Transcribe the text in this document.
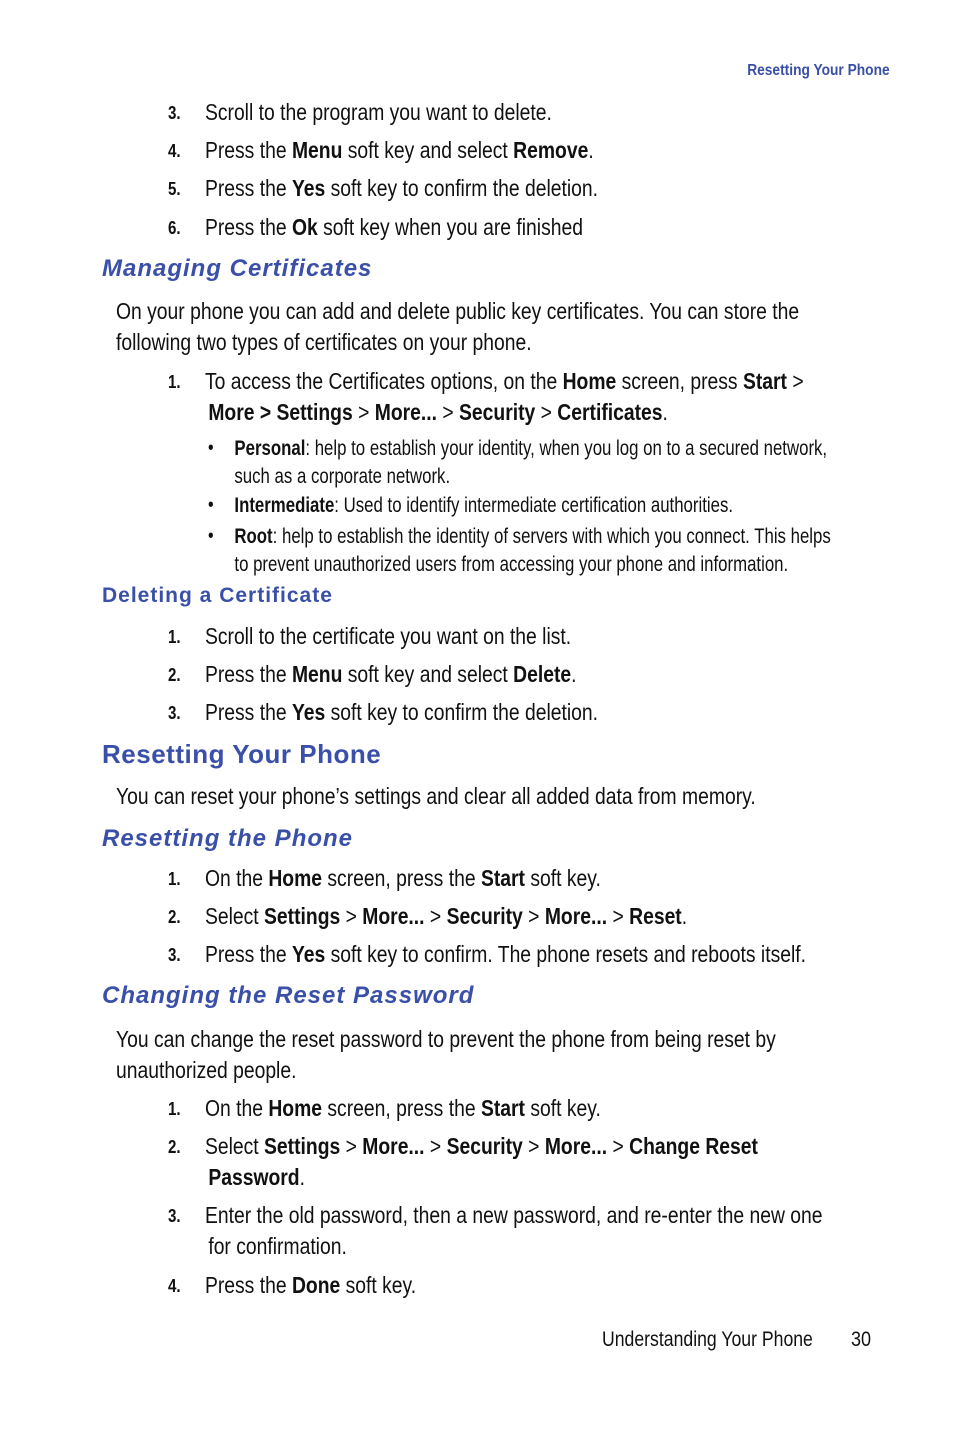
Resetting Your Phone
3. Scroll to the program you want to delete.
4. Press the Menu soft key and select Remove.
5. Press the Yes soft key to confirm the deletion.
6. Press the Ok soft key when you are finished
Managing Certificates
On your phone you can add and delete public key certificates. You can store the
following two types of certificates on your phone.
1. To access the Certificates options, on the Home screen, press Start >
More > Settings > More... > Security > Certificates.
• Personal: help to establish your identity, when you log on to a secured network,
such as a corporate network.
• Intermediate: Used to identify intermediate certification authorities.
• Root: help to establish the identity of servers with which you connect. This helps
to prevent unauthorized users from accessing your phone and information.
Deleting a Certificate
1. Scroll to the certificate you want on the list.
2. Press the Menu soft key and select Delete.
3. Press the Yes soft key to confirm the deletion.
Resetting Your Phone
You can reset your phone’s settings and clear all added data from memory.
Resetting the Phone
1. On the Home screen, press the Start soft key.
2. Select Settings > More... > Security > More... > Reset.
3. Press the Yes soft key to confirm. The phone resets and reboots itself.
Changing the Reset Password
You can change the reset password to prevent the phone from being reset by
unauthorized people.
1. On the Home screen, press the Start soft key.
2. Select Settings > More... > Security > More... > Change Reset
Password.
3. Enter the old password, then a new password, and re-enter the new one
for confirmation.
4. Press the Done soft key.
Understanding Your Phone 30
